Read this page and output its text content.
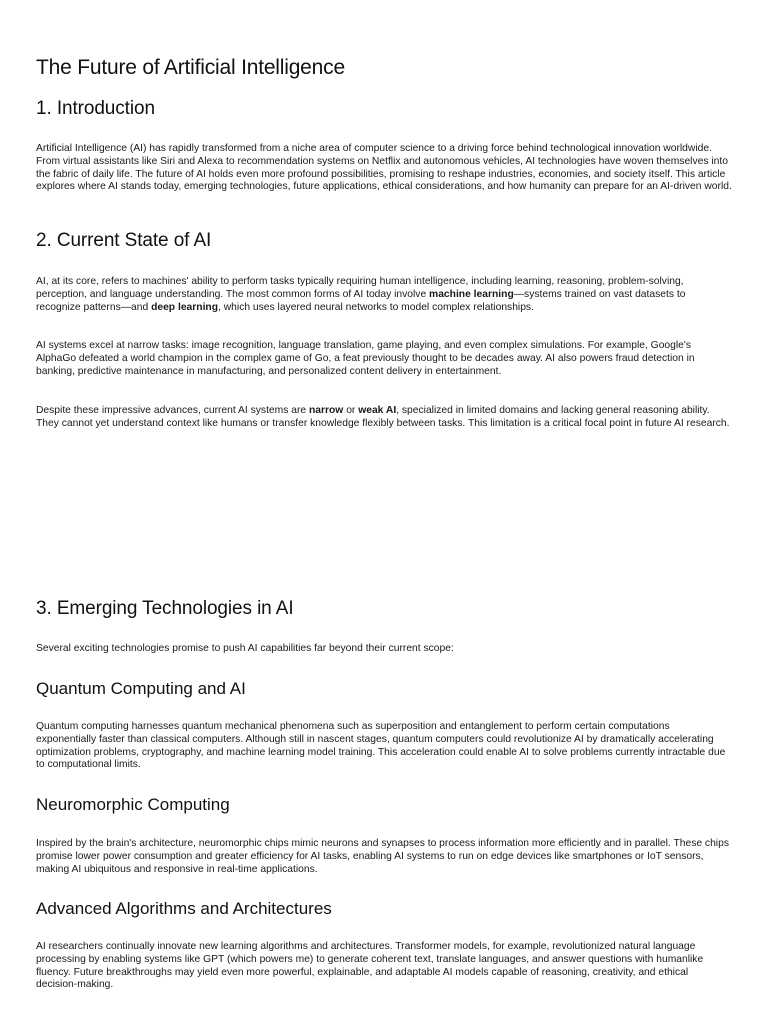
The Future of Artificial Intelligence
1. Introduction

Artificial Intelligence (AI) has rapidly transformed from a niche area of computer science to a driving force behind technological innovation worldwide. From virtual assistants like Siri and Alexa to recommendation systems on Netflix and autonomous vehicles, AI technologies have woven themselves into the fabric of daily life. The future of AI holds even more profound possibilities, promising to reshape industries, economies, and society itself. This article explores where AI stands today, emerging technologies, future applications, ethical considerations, and how humanity can prepare for an AI-driven world.

2. Current State of AI

AI, at its core, refers to machines' ability to perform tasks typically requiring human intelligence, including learning, reasoning, problem-solving, perception, and language understanding. The most common forms of AI today involve machine learning—systems trained on vast datasets to recognize patterns—and deep learning, which uses layered neural networks to model complex relationships.

AI systems excel at narrow tasks: image recognition, language translation, game playing, and even complex simulations. For example, Google's AlphaGo defeated a world champion in the complex game of Go, a feat previously thought to be decades away. AI also powers fraud detection in banking, predictive maintenance in manufacturing, and personalized content delivery in entertainment.

Despite these impressive advances, current AI systems are narrow or weak AI, specialized in limited domains and lacking general reasoning ability. They cannot yet understand context like humans or transfer knowledge flexibly between tasks. This limitation is a critical focal point in future AI research.

3. Emerging Technologies in AI

Several exciting technologies promise to push AI capabilities far beyond their current scope:

Quantum Computing and AI

Quantum computing harnesses quantum mechanical phenomena such as superposition and entanglement to perform certain computations exponentially faster than classical computers. Although still in nascent stages, quantum computers could revolutionize AI by dramatically accelerating optimization problems, cryptography, and machine learning model training. This acceleration could enable AI to solve problems currently intractable due to computational limits.

Neuromorphic Computing

Inspired by the brain's architecture, neuromorphic chips mimic neurons and synapses to process information more efficiently and in parallel. These chips promise lower power consumption and greater efficiency for AI tasks, enabling AI systems to run on edge devices like smartphones or IoT sensors, making AI ubiquitous and responsive in real-time applications.

Advanced Algorithms and Architectures

AI researchers continually innovate new learning algorithms and architectures. Transformer models, for example, revolutionized natural language processing by enabling systems like GPT (which powers me) to generate coherent text, translate languages, and answer questions with humanlike fluency. Future breakthroughs may yield even more powerful, explainable, and adaptable AI models capable of reasoning, creativity, and ethical decision-making.
